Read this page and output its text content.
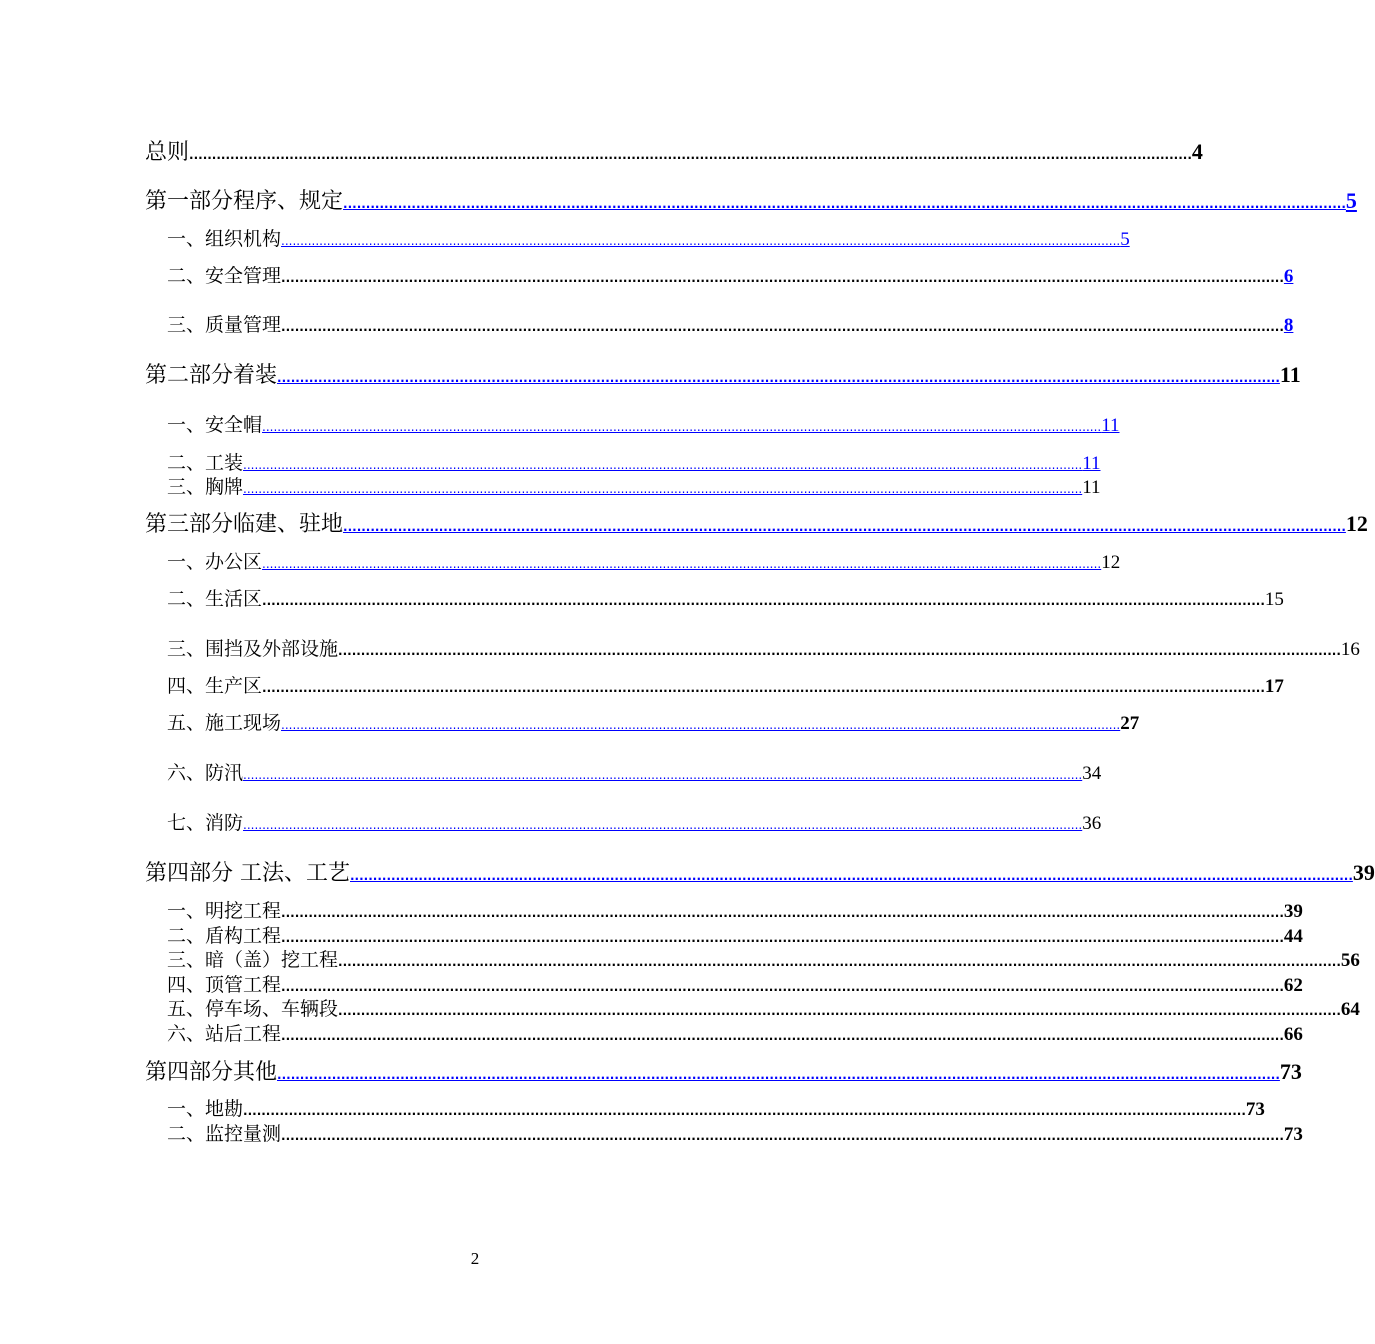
总则 ............................................................................................................................................................................................................................ 4
第一部分程序、规定 ............................................................................................................................................................................................................................ 5
一、组织机构 ............................................................................................................................................................................................................................ 5
二、安全管理 ............................................................................................................................................................................................................................ 6
三、质量管理 ............................................................................................................................................................................................................................ 8
第二部分着装 ............................................................................................................................................................................................................................ 11
一、安全帽 ............................................................................................................................................................................................................................ 11
二、工装 ............................................................................................................................................................................................................................ 11
三、胸牌 ............................................................................................................................................................................................................................ 11
第三部分临建、驻地 ............................................................................................................................................................................................................................ 12
一、办公区 ............................................................................................................................................................................................................................ 12
二、生活区 ............................................................................................................................................................................................................................ 15
三、围挡及外部设施 ............................................................................................................................................................................................................................ 16
四、生产区 ............................................................................................................................................................................................................................ 17
五、施工现场 ............................................................................................................................................................................................................................ 27
六、防汛 ............................................................................................................................................................................................................................ 34
七、消防 ............................................................................................................................................................................................................................ 36
第四部分 工法、工艺 ............................................................................................................................................................................................................................ 39
一、明挖工程 ............................................................................................................................................................................................................................ 39
二、盾构工程 ............................................................................................................................................................................................................................ 44
三、暗（盖）挖工程 ............................................................................................................................................................................................................................ 56
四、顶管工程 ............................................................................................................................................................................................................................ 62
五、停车场、车辆段 ............................................................................................................................................................................................................................ 64
六、站后工程 ............................................................................................................................................................................................................................ 66
第四部分其他 ............................................................................................................................................................................................................................ 73
一、地勘 ............................................................................................................................................................................................................................ 73
二、监控量测 ............................................................................................................................................................................................................................ 73
2
